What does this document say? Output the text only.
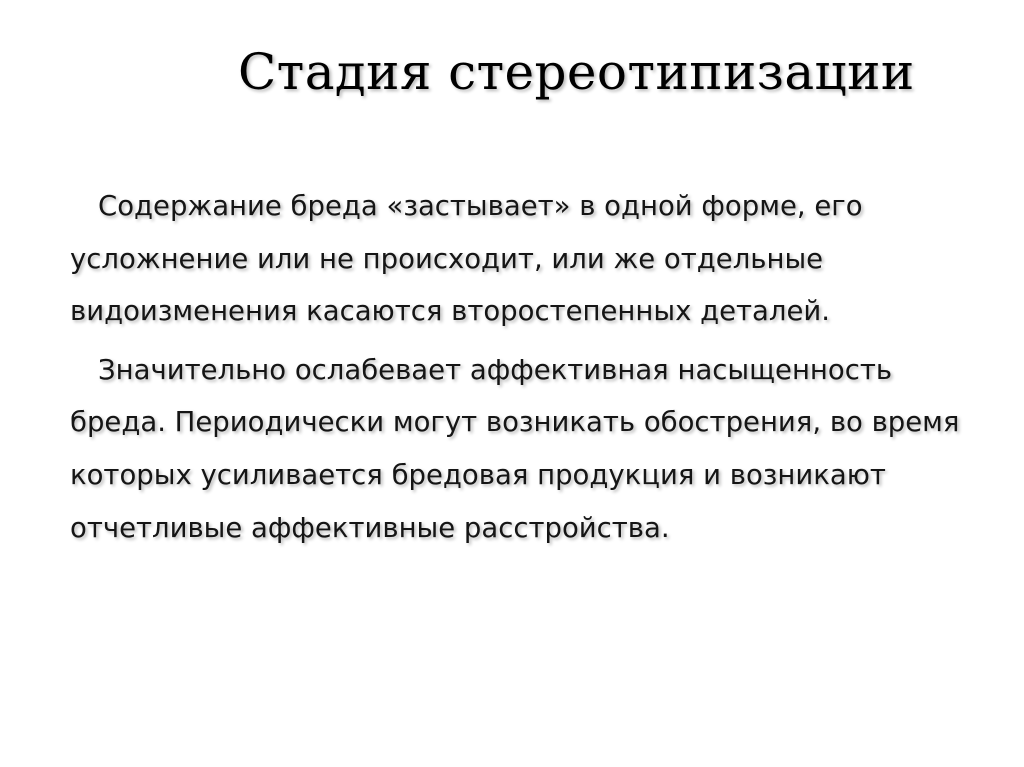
Стадия стереотипизации

Содержание бреда «застывает» в одной форме, его усложнение или не происходит, или же отдельные видоизменения касаются второстепенных деталей.

Значительно ослабевает аффективная насыщенность бреда. Периодически могут возникать обострения, во время которых усиливается бредовая продукция и возникают отчетливые аффективные расстройства.
